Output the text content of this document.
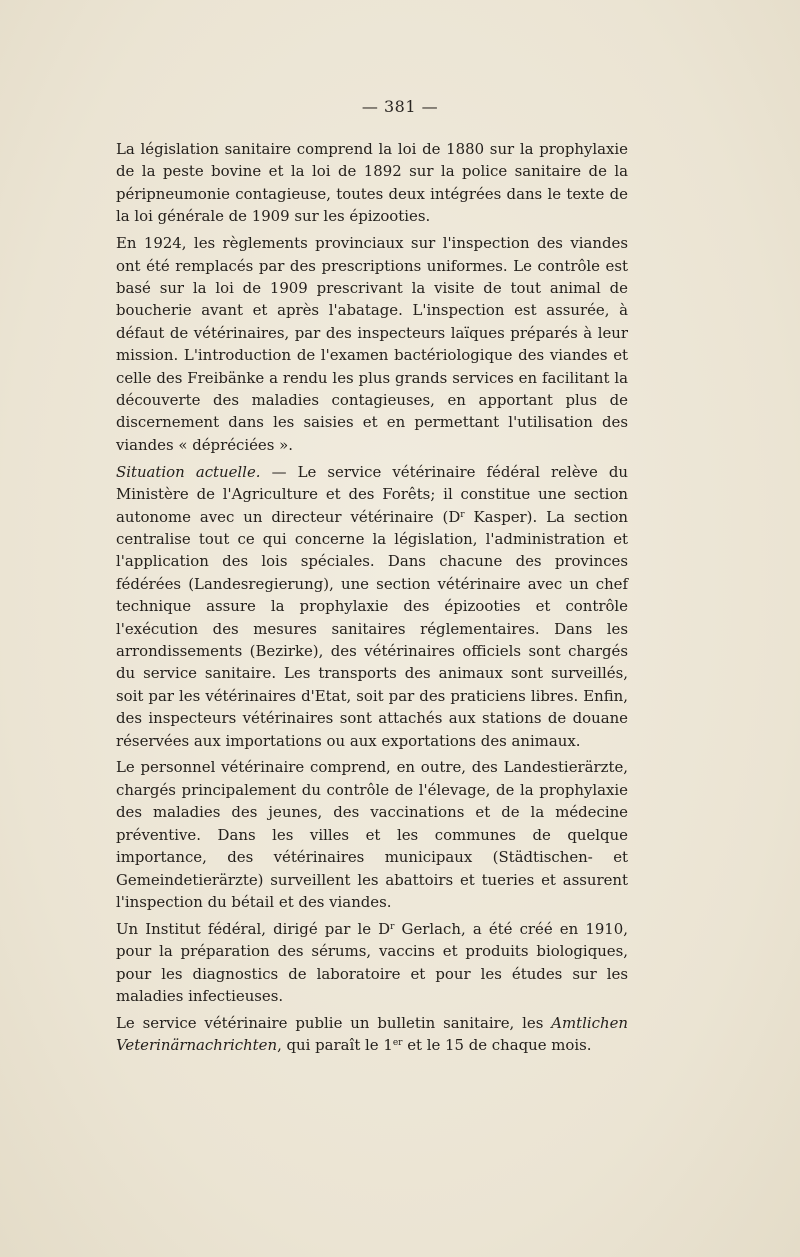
— 381 —

La législation sanitaire comprend la loi de 1880 sur la prophylaxie de la peste bovine et la loi de 1892 sur la police sanitaire de la péripneumonie contagieuse, toutes deux intégrées dans le texte de la loi générale de 1909 sur les épizooties.

En 1924, les règlements provinciaux sur l'inspection des viandes ont été remplacés par des prescriptions uniformes. Le contrôle est basé sur la loi de 1909 prescrivant la visite de tout animal de boucherie avant et après l'abatage. L'inspection est assurée, à défaut de vétérinaires, par des inspecteurs laïques préparés à leur mission. L'introduction de l'examen bactériologique des viandes et celle des Freibänke a rendu les plus grands services en facilitant la découverte des maladies contagieuses, en apportant plus de discernement dans les saisies et en permettant l'utilisation des viandes « dépréciées ».

Situation actuelle. — Le service vétérinaire fédéral relève du Ministère de l'Agriculture et des Forêts; il constitue une section autonome avec un directeur vétérinaire ($D^r$ Kasper). La section centralise tout ce qui concerne la législation, l'administration et l'application des lois spéciales. Dans chacune des provinces fédérées (Landesregierung), une section vétérinaire avec un chef technique assure la prophylaxie des épizooties et contrôle l'exécution des mesures sanitaires réglementaires. Dans les arrondissements (Bezirke), des vétérinaires officiels sont chargés du service sanitaire. Les transports des animaux sont surveillés, soit par les vétérinaires d'Etat, soit par des praticiens libres. Enfin, des inspecteurs vétérinaires sont attachés aux stations de douane réservées aux importations ou aux exportations des animaux.

Le personnel vétérinaire comprend, en outre, des Landestierärzte, chargés principalement du contrôle de l'élevage, de la prophylaxie des maladies des jeunes, des vaccinations et de la médecine préventive. Dans les villes et les communes de quelque importance, des vétérinaires municipaux (Städtischen- et Gemeindetierärzte) surveillent les abattoirs et tueries et assurent l'inspection du bétail et des viandes.

Un Institut fédéral, dirigé par le $D^r$ Gerlach, a été créé en 1910, pour la préparation des sérums, vaccins et produits biologiques, pour les diagnostics de laboratoire et pour les études sur les maladies infectieuses.

Le service vétérinaire publie un bulletin sanitaire, les Amtlichen Veterinärnachrichten, qui paraît le 1er et le 15 de chaque mois.
